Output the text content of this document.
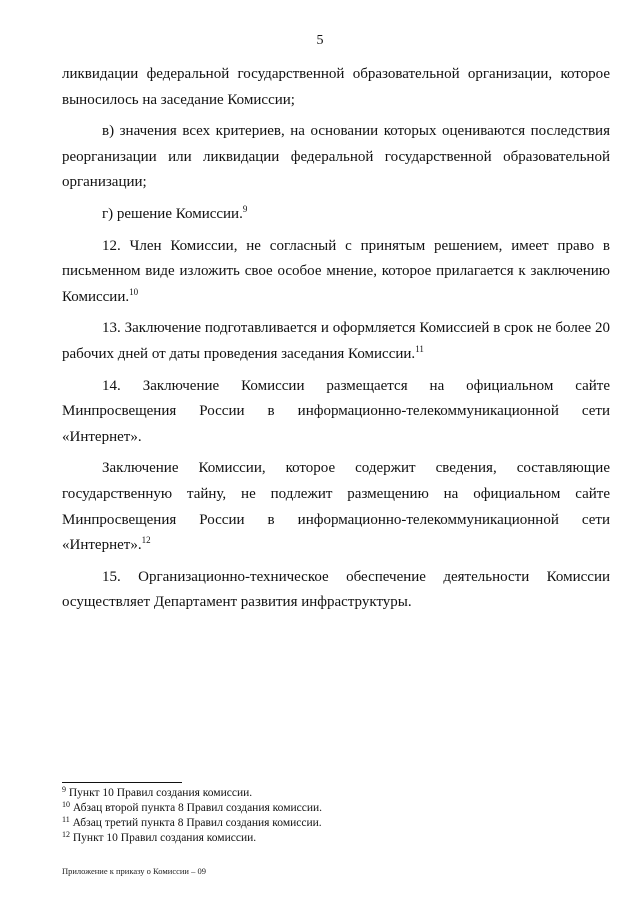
5

ликвидации федеральной государственной образовательной организации, которое выносилось на заседание Комиссии;

в) значения всех критериев, на основании которых оцениваются последствия реорганизации или ликвидации федеральной государственной образовательной организации;

г) решение Комиссии.$^9$

12. Член Комиссии, не согласный с принятым решением, имеет право в письменном виде изложить свое особое мнение, которое прилагается к заключению Комиссии.$^{10}$

13. Заключение подготавливается и оформляется Комиссией в срок не более 20 рабочих дней от даты проведения заседания Комиссии.$^{11}$

14. Заключение Комиссии размещается на официальном сайте Минпросвещения России в информационно-телекоммуникационной сети «Интернет».

Заключение Комиссии, которое содержит сведения, составляющие государственную тайну, не подлежит размещению на официальном сайте Минпросвещения России в информационно-телекоммуникационной сети «Интернет».$^{12}$

15. Организационно-техническое обеспечение деятельности Комиссии осуществляет Департамент развития инфраструктуры.

$^9$ Пункт 10 Правил создания комиссии.
$^{10}$ Абзац второй пункта 8 Правил создания комиссии.
$^{11}$ Абзац третий пункта 8 Правил создания комиссии.
$^{12}$ Пункт 10 Правил создания комиссии.
Приложение к приказу о Комиссии – 09
